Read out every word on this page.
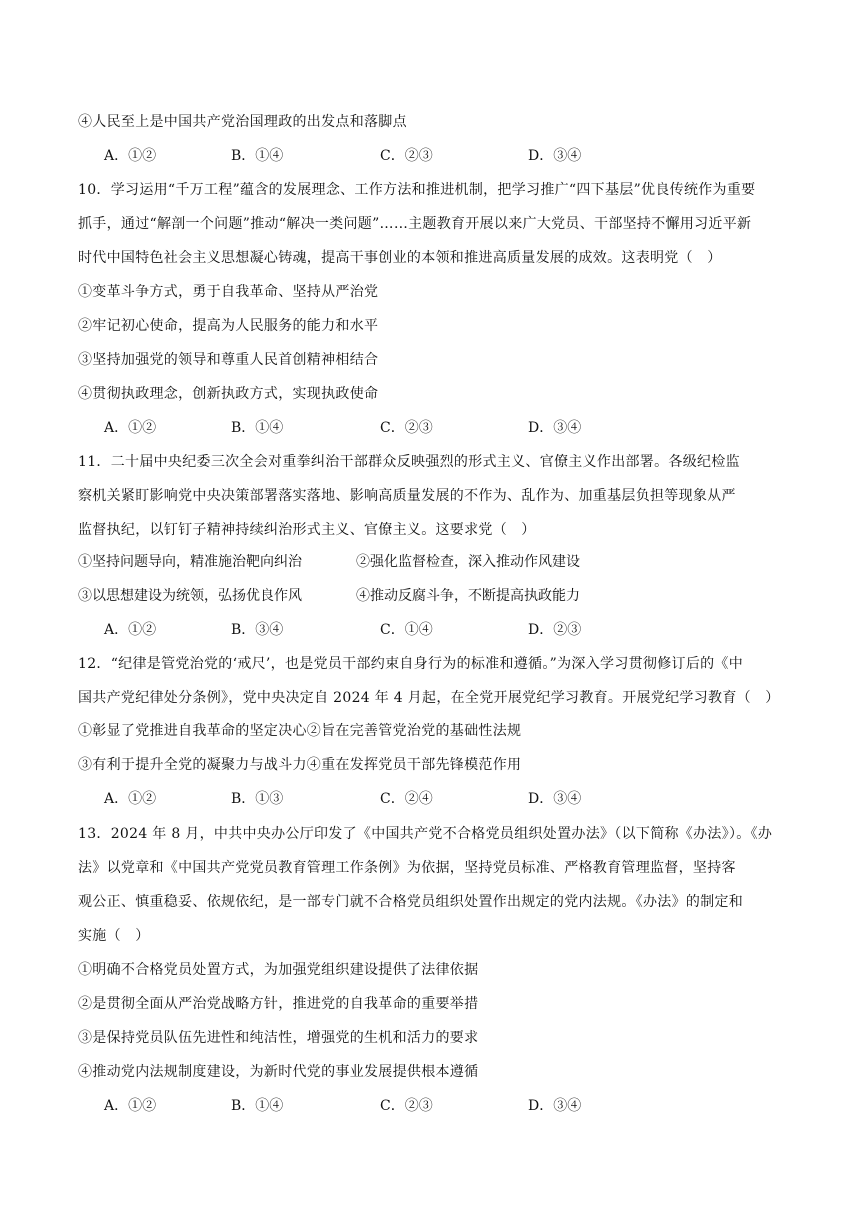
④人民至上是中国共产党治国理政的出发点和落脚点
A．①②	B．①④	C．②③	D．③④
10．学习运用“千万工程”蕴含的发展理念、工作方法和推进机制，把学习推广“四下基层”优良传统作为重要
抓手，通过“解剖一个问题”推动“解决一类问题”……主题教育开展以来广大党员、干部坚持不懈用习近平新
时代中国特色社会主义思想凝心铸魂，提高干事创业的本领和推进高质量发展的成效。这表明党（　）
①变革斗争方式，勇于自我革命、坚持从严治党
②牢记初心使命，提高为人民服务的能力和水平
③坚持加强党的领导和尊重人民首创精神相结合
④贯彻执政理念，创新执政方式，实现执政使命
A．①②	B．①④	C．②③	D．③④
11．二十届中央纪委三次全会对重拳纠治干部群众反映强烈的形式主义、官僚主义作出部署。各级纪检监
察机关紧盯影响党中央决策部署落实落地、影响高质量发展的不作为、乱作为、加重基层负担等现象从严
监督执纪，以钉钉子精神持续纠治形式主义、官僚主义。这要求党（　）
①坚持问题导向，精准施治靶向纠治	②强化监督检查，深入推动作风建设
③以思想建设为统领，弘扬优良作风	④推动反腐斗争，不断提高执政能力
A．①②	B．③④	C．①④	D．②③
12．“纪律是管党治党的‘戒尺’，也是党员干部约束自身行为的标准和遵循。”为深入学习贯彻修订后的《中
国共产党纪律处分条例》，党中央决定自 2024 年 4 月起，在全党开展党纪学习教育。开展党纪学习教育（　）
①彰显了党推进自我革命的坚定决心②旨在完善管党治党的基础性法规
③有利于提升全党的凝聚力与战斗力④重在发挥党员干部先锋模范作用
A．①②	B．①③	C．②④	D．③④
13．2024 年 8 月，中共中央办公厅印发了《中国共产党不合格党员组织处置办法》（以下简称《办法》）。《办
法》以党章和《中国共产党党员教育管理工作条例》为依据，坚持党员标准、严格教育管理监督，坚持客
观公正、慎重稳妥、依规依纪，是一部专门就不合格党员组织处置作出规定的党内法规。《办法》的制定和
实施（　）
①明确不合格党员处置方式，为加强党组织建设提供了法律依据
②是贯彻全面从严治党战略方针，推进党的自我革命的重要举措
③是保持党员队伍先进性和纯洁性，增强党的生机和活力的要求
④推动党内法规制度建设，为新时代党的事业发展提供根本遵循
A．①②	B．①④	C．②③	D．③④
